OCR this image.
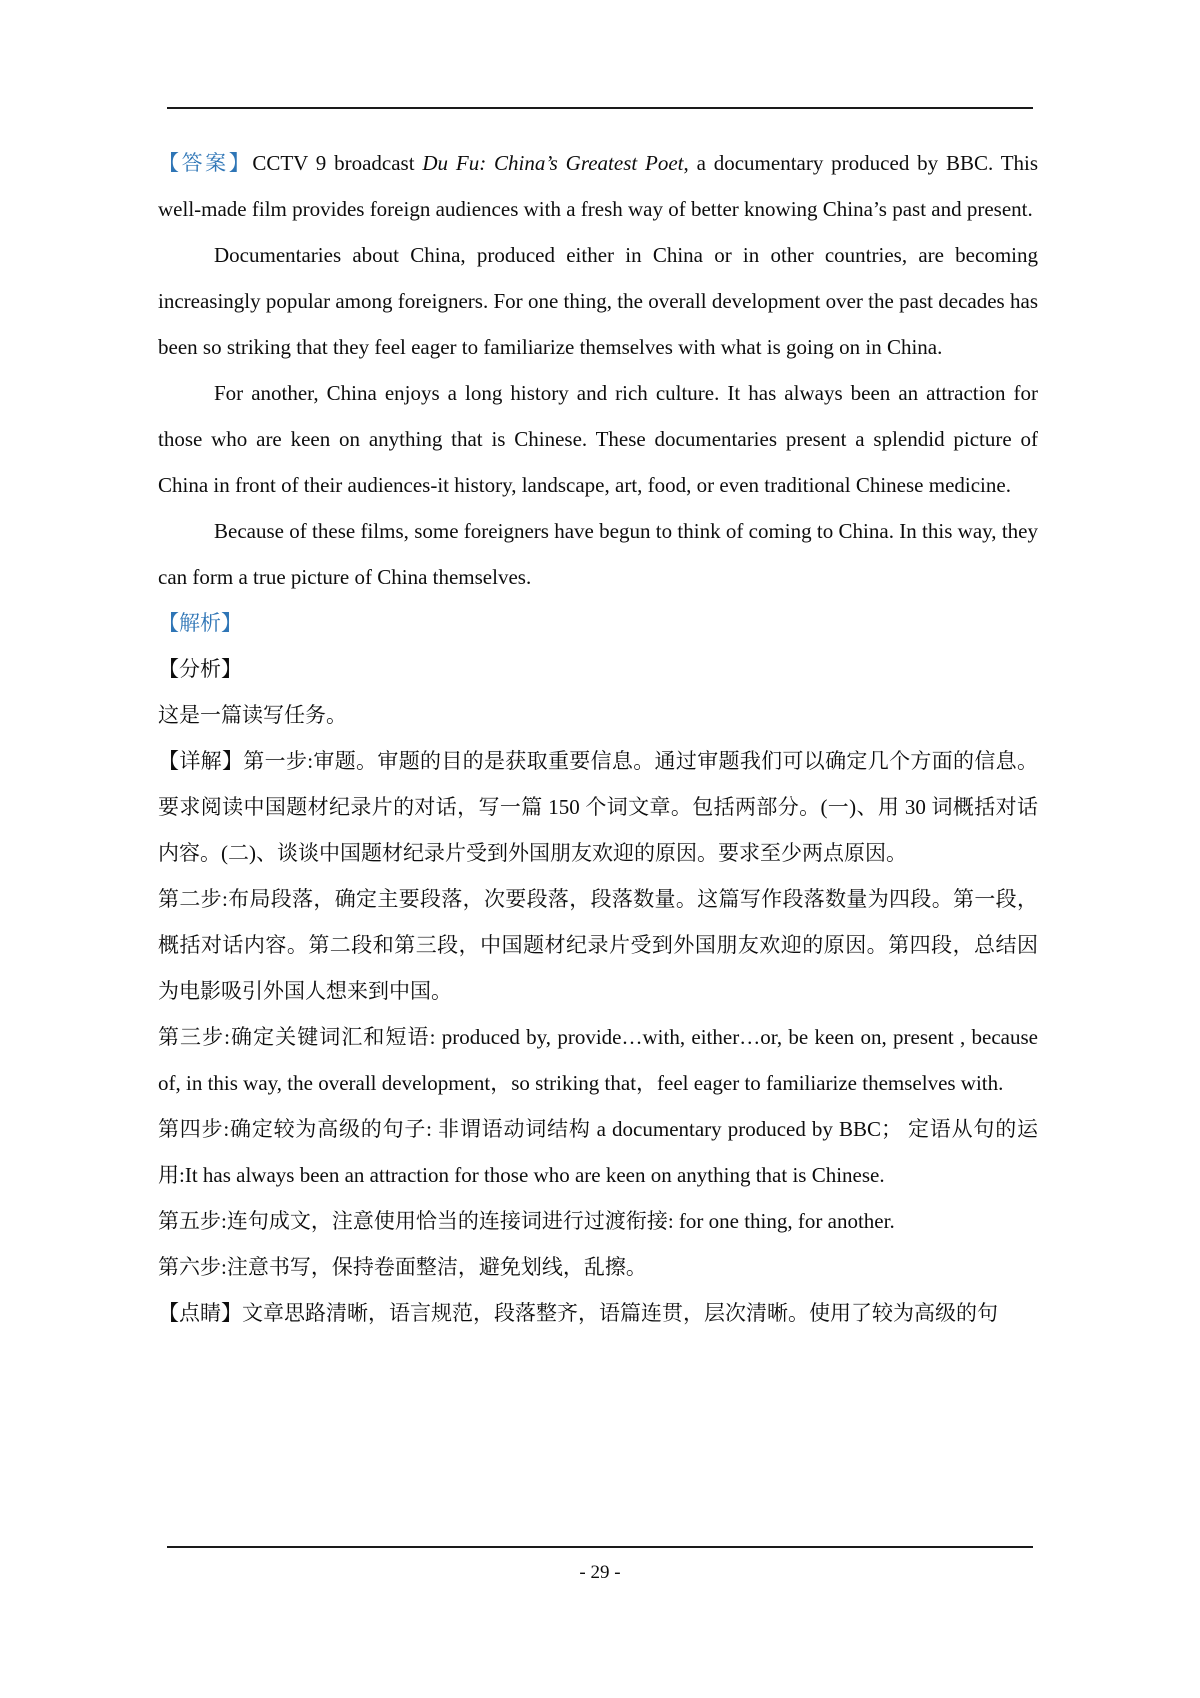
【答案】CCTV 9 broadcast Du Fu: China’s Greatest Poet, a documentary produced by BBC. This well-made film provides foreign audiences with a fresh way of better knowing China’s past and present.

Documentaries about China, produced either in China or in other countries, are becoming increasingly popular among foreigners. For one thing, the overall development over the past decades has been so striking that they feel eager to familiarize themselves with what is going on in China.

For another, China enjoys a long history and rich culture. It has always been an attraction for those who are keen on anything that is Chinese. These documentaries present a splendid picture of China in front of their audiences-it history, landscape, art, food, or even traditional Chinese medicine.

Because of these films, some foreigners have begun to think of coming to China. In this way, they can form a true picture of China themselves.

【解析】

【分析】

这是一篇读写任务。

【详解】第一步:审题。审题的目的是获取重要信息。通过审题我们可以确定几个方面的信息。要求阅读中国题材纪录片的对话，写一篇 150 个词文章。包括两部分。(一)、用 30 词概括对话内容。(二)、谈谈中国题材纪录片受到外国朋友欢迎的原因。要求至少两点原因。

第二步:布局段落，确定主要段落，次要段落，段落数量。这篇写作段落数量为四段。第一段，概括对话内容。第二段和第三段，中国题材纪录片受到外国朋友欢迎的原因。第四段，总结因为电影吸引外国人想来到中国。

第三步:确定关键词汇和短语: produced by, provide…with, either…or, be keen on, present , because of, in this way, the overall development，so striking that，feel eager to familiarize themselves with.

第四步:确定较为高级的句子: 非谓语动词结构 a documentary produced by BBC； 定语从句的运用:It has always been an attraction for those who are keen on anything that is Chinese.

第五步:连句成文，注意使用恰当的连接词进行过渡衔接: for one thing, for another.

第六步:注意书写，保持卷面整洁，避免划线，乱擦。

【点睛】文章思路清晰，语言规范，段落整齐，语篇连贯，层次清晰。使用了较为高级的句

- 29 -
